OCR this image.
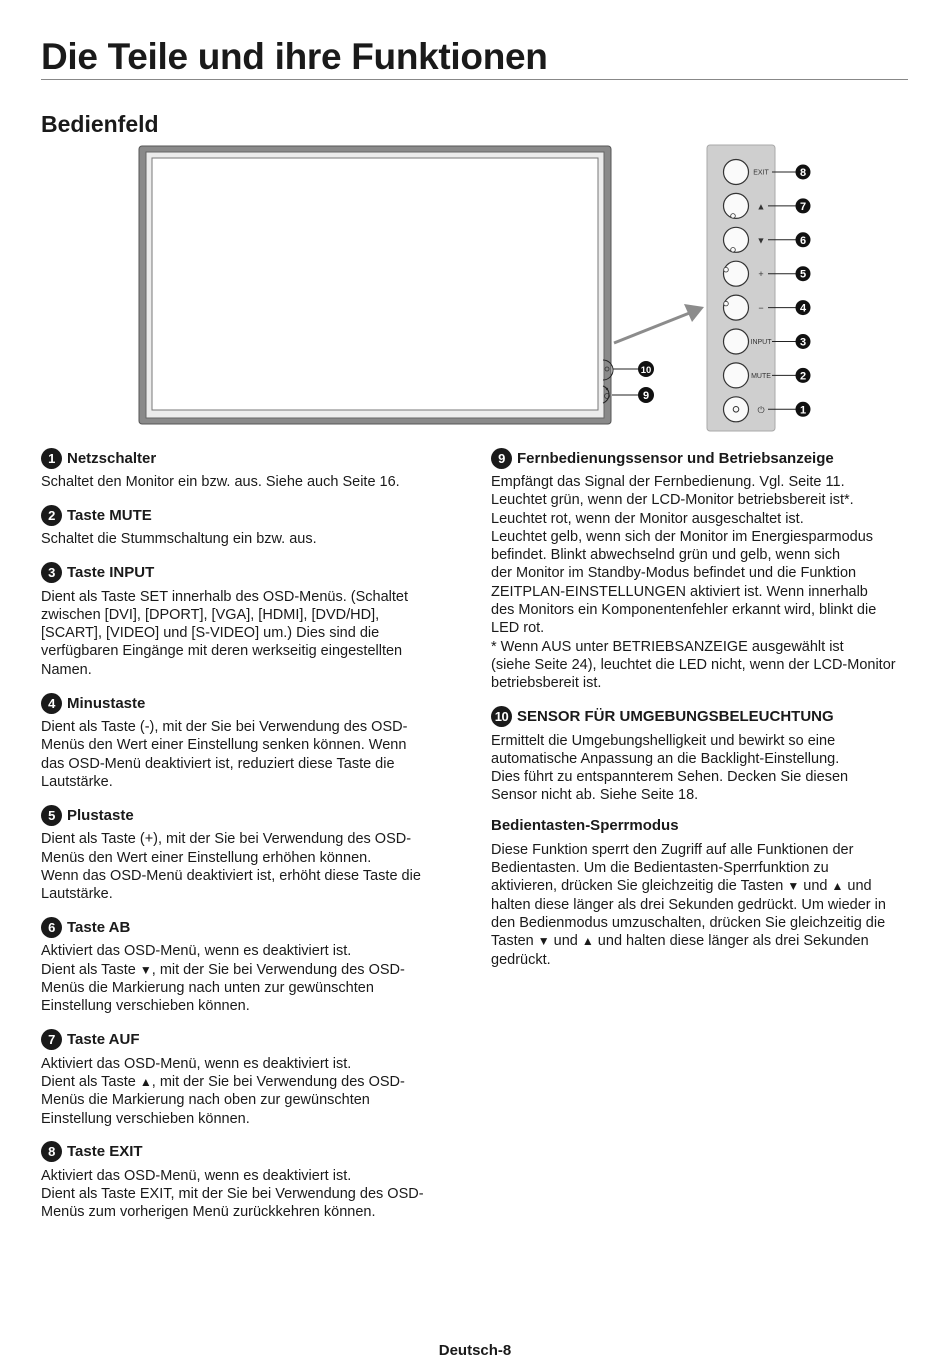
Die Teile und ihre Funktionen
Bedienfeld
EXIT	8
▲	7
▼	6
+	5
−	4
INPUT	3
MUTE	2
⏻	1
10
9
1 Netzschalter

Schaltet den Monitor ein bzw. aus. Siehe auch Seite 16.

2 Taste MUTE

Schaltet die Stummschaltung ein bzw. aus.

3 Taste INPUT

Dient als Taste SET innerhalb des OSD-Menüs. (Schaltet
zwischen [DVI], [DPORT], [VGA], [HDMI], [DVD/HD],
[SCART], [VIDEO] und [S-VIDEO] um.) Dies sind die
verfügbaren Eingänge mit deren werkseitig eingestellten
Namen.

4 Minustaste

Dient als Taste (-), mit der Sie bei Verwendung des OSD-
Menüs den Wert einer Einstellung senken können. Wenn
das OSD-Menü deaktiviert ist, reduziert diese Taste die
Lautstärke.

5 Plustaste

Dient als Taste (+), mit der Sie bei Verwendung des OSD-
Menüs den Wert einer Einstellung erhöhen können.
Wenn das OSD-Menü deaktiviert ist, erhöht diese Taste die
Lautstärke.

6 Taste AB

Aktiviert das OSD-Menü, wenn es deaktiviert ist.
Dient als Taste ▼, mit der Sie bei Verwendung des OSD-
Menüs die Markierung nach unten zur gewünschten
Einstellung verschieben können.

7 Taste AUF

Aktiviert das OSD-Menü, wenn es deaktiviert ist.
Dient als Taste ▲, mit der Sie bei Verwendung des OSD-
Menüs die Markierung nach oben zur gewünschten
Einstellung verschieben können.

8 Taste EXIT

Aktiviert das OSD-Menü, wenn es deaktiviert ist.
Dient als Taste EXIT, mit der Sie bei Verwendung des OSD-
Menüs zum vorherigen Menü zurückkehren können.

9 Fernbedienungssensor und Betriebsanzeige

Empfängt das Signal der Fernbedienung. Vgl. Seite 11.
Leuchtet grün, wenn der LCD-Monitor betriebsbereit ist*.
Leuchtet rot, wenn der Monitor ausgeschaltet ist.
Leuchtet gelb, wenn sich der Monitor im Energiesparmodus
befindet. Blinkt abwechselnd grün und gelb, wenn sich
der Monitor im Standby-Modus befindet und die Funktion
ZEITPLAN-EINSTELLUNGEN aktiviert ist. Wenn innerhalb
des Monitors ein Komponentenfehler erkannt wird, blinkt die
LED rot.
* Wenn AUS unter BETRIEBSANZEIGE ausgewählt ist
(siehe Seite 24), leuchtet die LED nicht, wenn der LCD-Monitor
betriebsbereit ist.

10 SENSOR FÜR UMGEBUNGSBELEUCHTUNG

Ermittelt die Umgebungshelligkeit und bewirkt so eine
automatische Anpassung an die Backlight-Einstellung.
Dies führt zu entspannterem Sehen. Decken Sie diesen
Sensor nicht ab. Siehe Seite 18.

Bedientasten-Sperrmodus

Diese Funktion sperrt den Zugriff auf alle Funktionen der
Bedientasten. Um die Bedientasten-Sperrfunktion zu
aktivieren, drücken Sie gleichzeitig die Tasten ▼ und ▲ und
halten diese länger als drei Sekunden gedrückt. Um wieder in
den Bedienmodus umzuschalten, drücken Sie gleichzeitig die
Tasten ▼ und ▲ und halten diese länger als drei Sekunden
gedrückt.

Deutsch-8
